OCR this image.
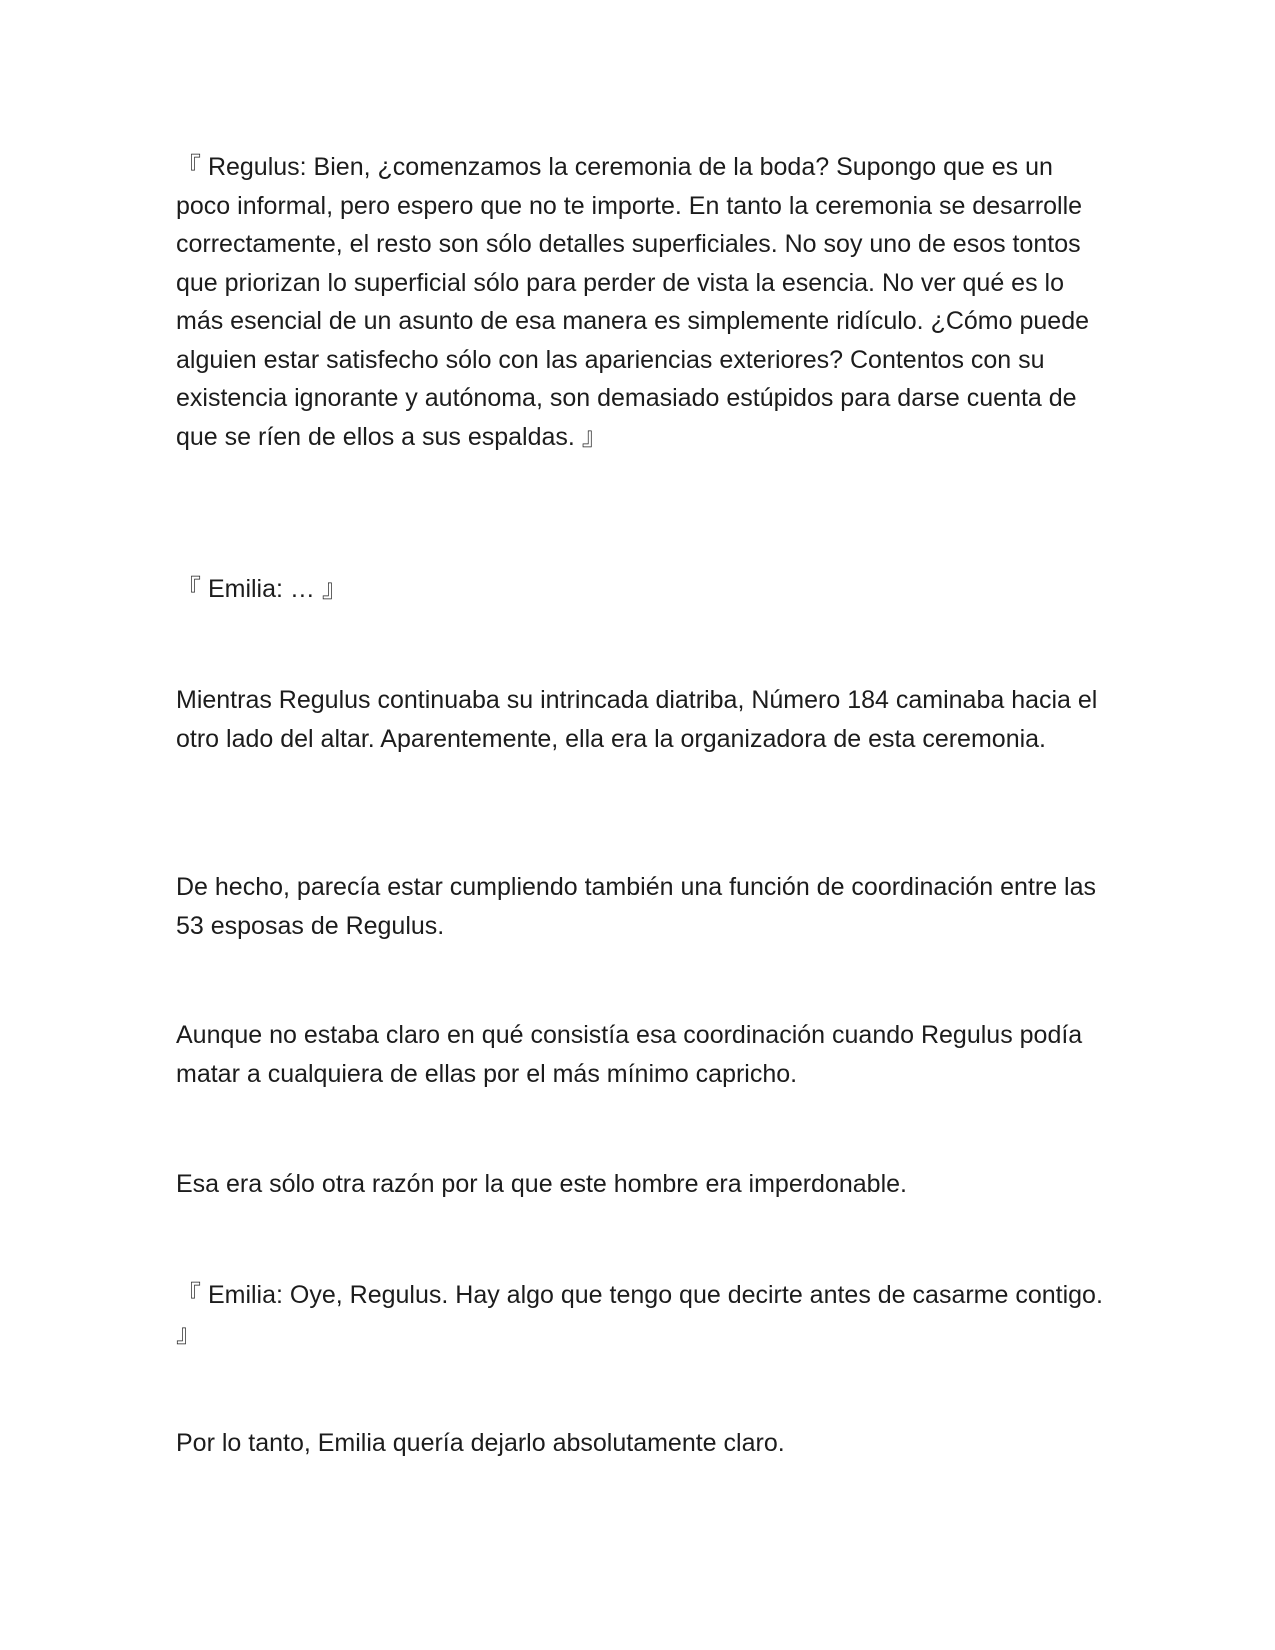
『 Regulus: Bien, ¿comenzamos la ceremonia de la boda? Supongo que es un poco informal, pero espero que no te importe. En tanto la ceremonia se desarrolle correctamente, el resto son sólo detalles superficiales. No soy uno de esos tontos que priorizan lo superficial sólo para perder de vista la esencia. No ver qué es lo más esencial de un asunto de esa manera es simplemente ridículo. ¿Cómo puede alguien estar satisfecho sólo con las apariencias exteriores? Contentos con su existencia ignorante y autónoma, son demasiado estúpidos para darse cuenta de que se ríen de ellos a sus espaldas. 』

『 Emilia: … 』

Mientras Regulus continuaba su intrincada diatriba, Número 184 caminaba hacia el otro lado del altar. Aparentemente, ella era la organizadora de esta ceremonia.

De hecho, parecía estar cumpliendo también una función de coordinación entre las 53 esposas de Regulus.

Aunque no estaba claro en qué consistía esa coordinación cuando Regulus podía matar a cualquiera de ellas por el más mínimo capricho.

Esa era sólo otra razón por la que este hombre era imperdonable.

『 Emilia: Oye, Regulus. Hay algo que tengo que decirte antes de casarme contigo. 』

Por lo tanto, Emilia quería dejarlo absolutamente claro.
